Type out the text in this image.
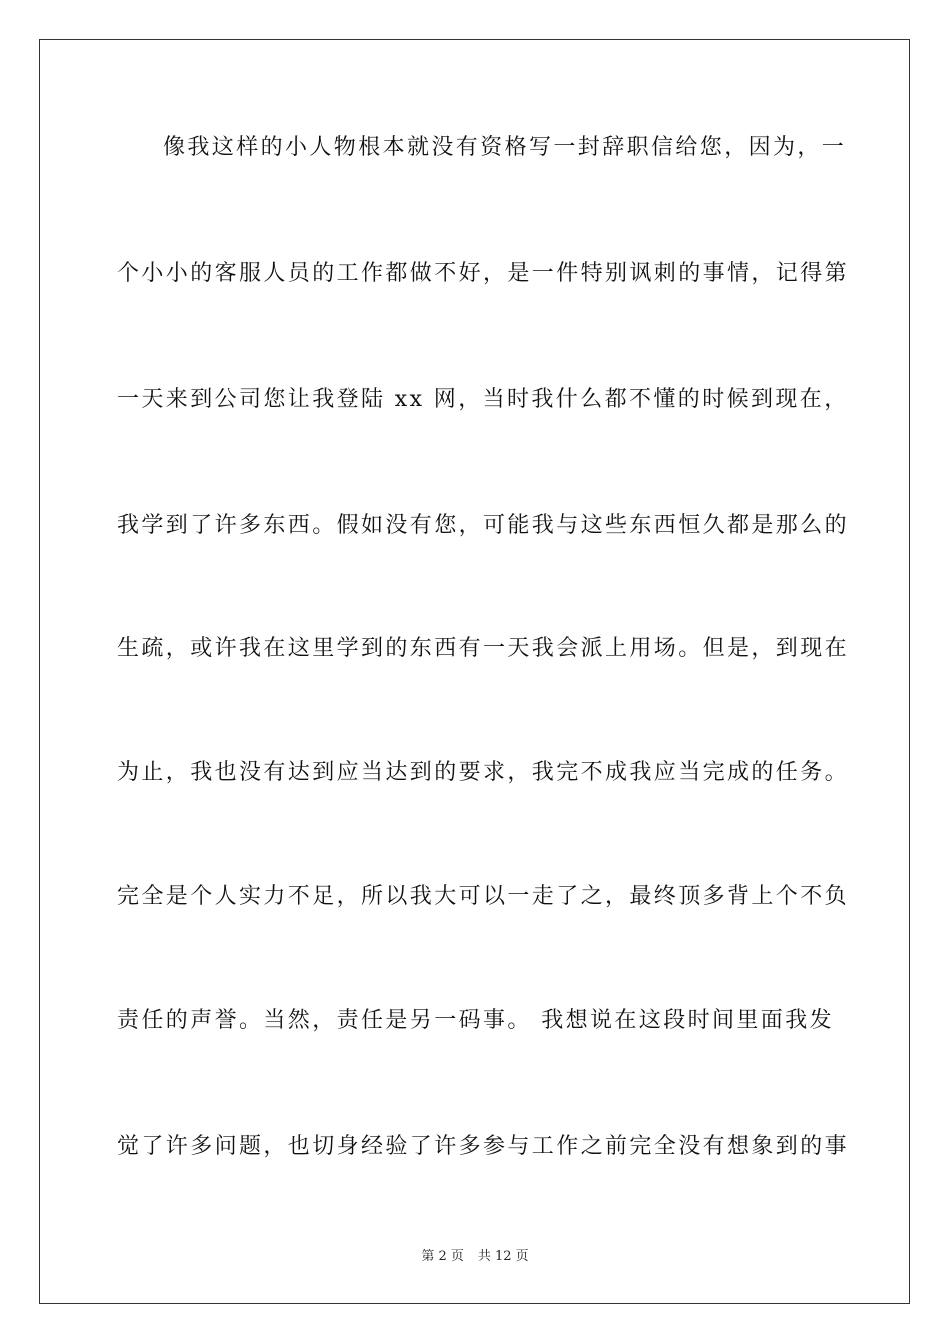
像我这样的小人物根本就没有资格写一封辞职信给您，因为，一
个小小的客服人员的工作都做不好，是一件特别讽刺的事情，记得第
一天来到公司您让我登陆 xx 网，当时我什么都不懂的时候到现在，
我学到了许多东西。假如没有您，可能我与这些东西恒久都是那么的
生疏，或许我在这里学到的东西有一天我会派上用场。但是，到现在
为止，我也没有达到应当达到的要求，我完不成我应当完成的任务。
完全是个人实力不足，所以我大可以一走了之，最终顶多背上个不负
责任的声誉。当然，责任是另一码事。 我想说在这段时间里面我发
觉了许多问题，也切身经验了许多参与工作之前完全没有想象到的事
第 2 页 共 12 页
